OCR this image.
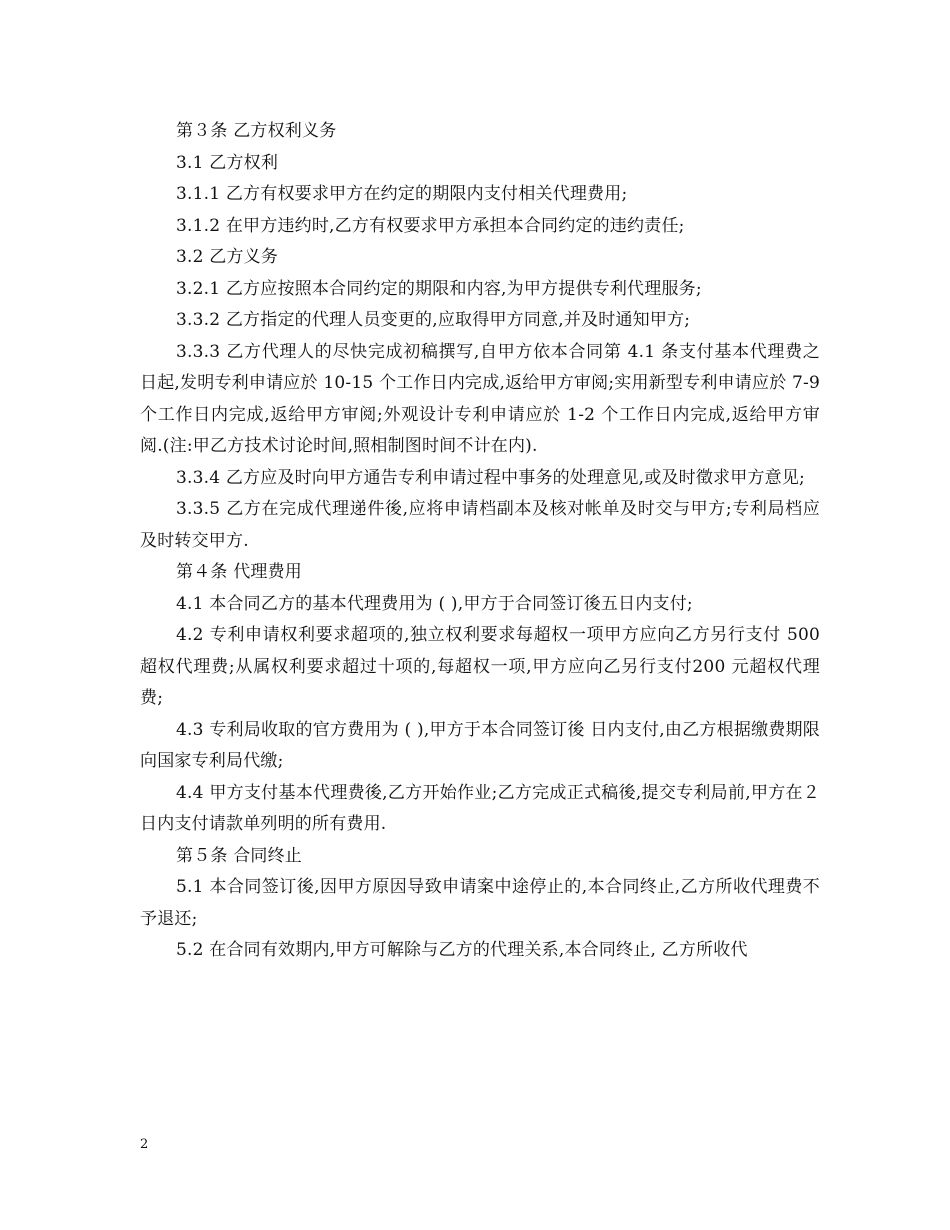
第３条 乙方权利义务

3.1 乙方权利

3.1.1 乙方有权要求甲方在约定的期限内支付相关代理费用;

3.1.2 在甲方违约时,乙方有权要求甲方承担本合同约定的违约责任;

3.2 乙方义务

3.2.1 乙方应按照本合同约定的期限和内容,为甲方提供专利代理服务;

3.3.2 乙方指定的代理人员变更的,应取得甲方同意,并及时通知甲方;

3.3.3 乙方代理人的尽快完成初稿撰写,自甲方依本合同第 4.1 条支付基本代理费之日起,发明专利申请应於 10-15 个工作日内完成,返给甲方审阅;实用新型专利申请应於 7-9 个工作日内完成,返给甲方审阅;外观设计专利申请应於 1-2 个工作日内完成,返给甲方审阅.(注:甲乙方技术讨论时间,照相制图时间不计在内).

3.3.4 乙方应及时向甲方通告专利申请过程中事务的处理意见,或及时徵求甲方意见;

3.3.5 乙方在完成代理递件後,应将申请档副本及核对帐单及时交与甲方;专利局档应及时转交甲方.

第４条 代理费用

4.1 本合同乙方的基本代理费用为 ( ),甲方于合同签订後五日内支付;

4.2 专利申请权利要求超项的,独立权利要求每超权一项甲方应向乙方另行支付 500 超权代理费;从属权利要求超过十项的,每超权一项,甲方应向乙另行支付200 元超权代理费;

4.3 专利局收取的官方费用为 ( ),甲方于本合同签订後 日内支付,由乙方根据缴费期限向国家专利局代缴;

4.4 甲方支付基本代理费後,乙方开始作业;乙方完成正式稿後,提交专利局前,甲方在２日内支付请款单列明的所有费用.

第５条 合同终止

5.1 本合同签订後,因甲方原因导致申请案中途停止的,本合同终止,乙方所收代理费不予退还;

5.2 在合同有效期内,甲方可解除与乙方的代理关系,本合同终止, 乙方所收代

2
